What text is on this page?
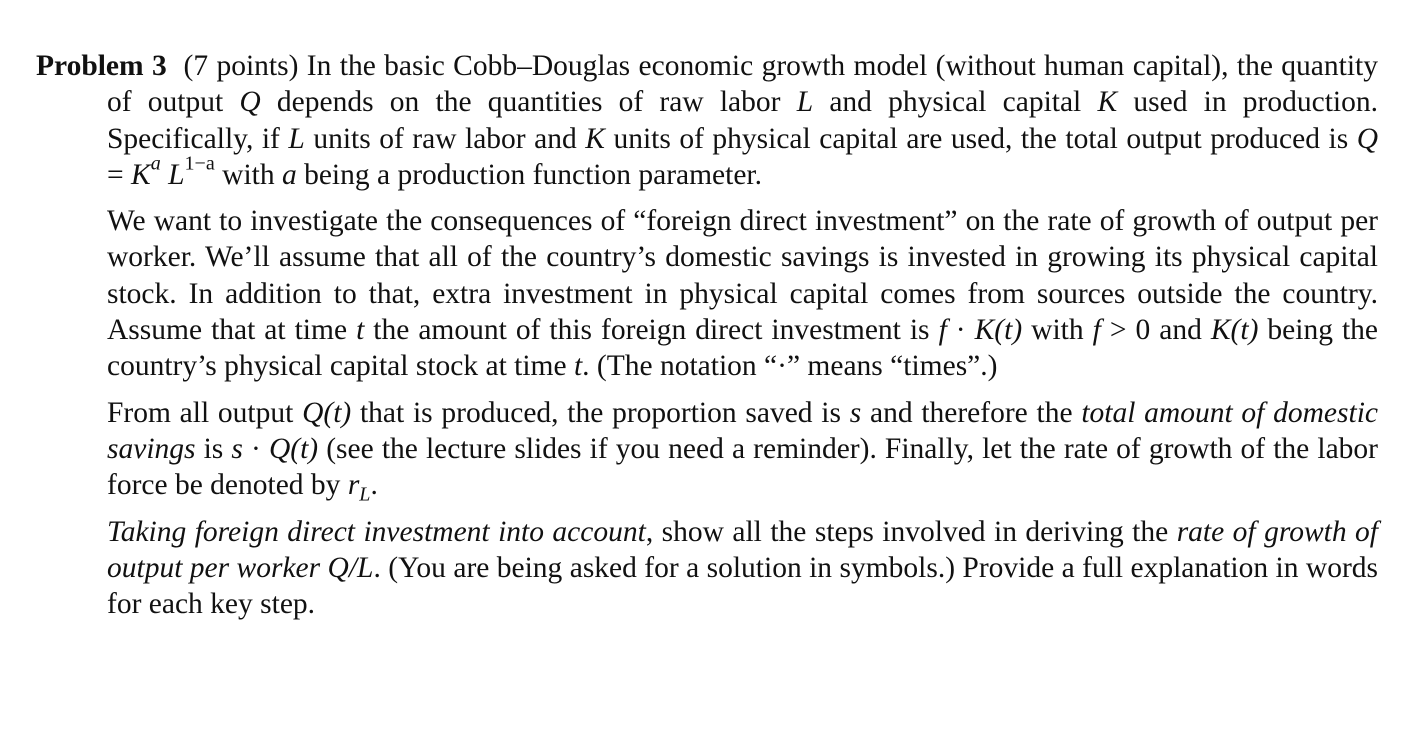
Problem 3 (7 points) In the basic Cobb–Douglas economic growth model (without human capital), the quantity of output Q depends on the quantities of raw labor L and physical capital K used in production. Specifically, if L units of raw labor and K units of physical capital are used, the total output produced is $Q = K^a$ $L^{1-a}$ with a being a production function parameter.

We want to investigate the consequences of “foreign direct investment” on the rate of growth of output per worker. We’ll assume that all of the country’s domestic savings is invested in growing its physical capital stock. In addition to that, extra investment in physical capital comes from sources outside the country. Assume that at time t the amount of this foreign direct investment is f · K(t) with f > 0 and K(t) being the country’s physical capital stock at time t. (The notation “·” means “times”.)

From all output Q(t) that is produced, the proportion saved is s and therefore the total amount of domestic savings is s · Q(t) (see the lecture slides if you need a reminder). Finally, let the rate of growth of the labor force be denoted by $r_L$.

Taking foreign direct investment into account, show all the steps involved in deriving the rate of growth of output per worker Q/L. (You are being asked for a solution in symbols.) Provide a full explanation in words for each key step.
